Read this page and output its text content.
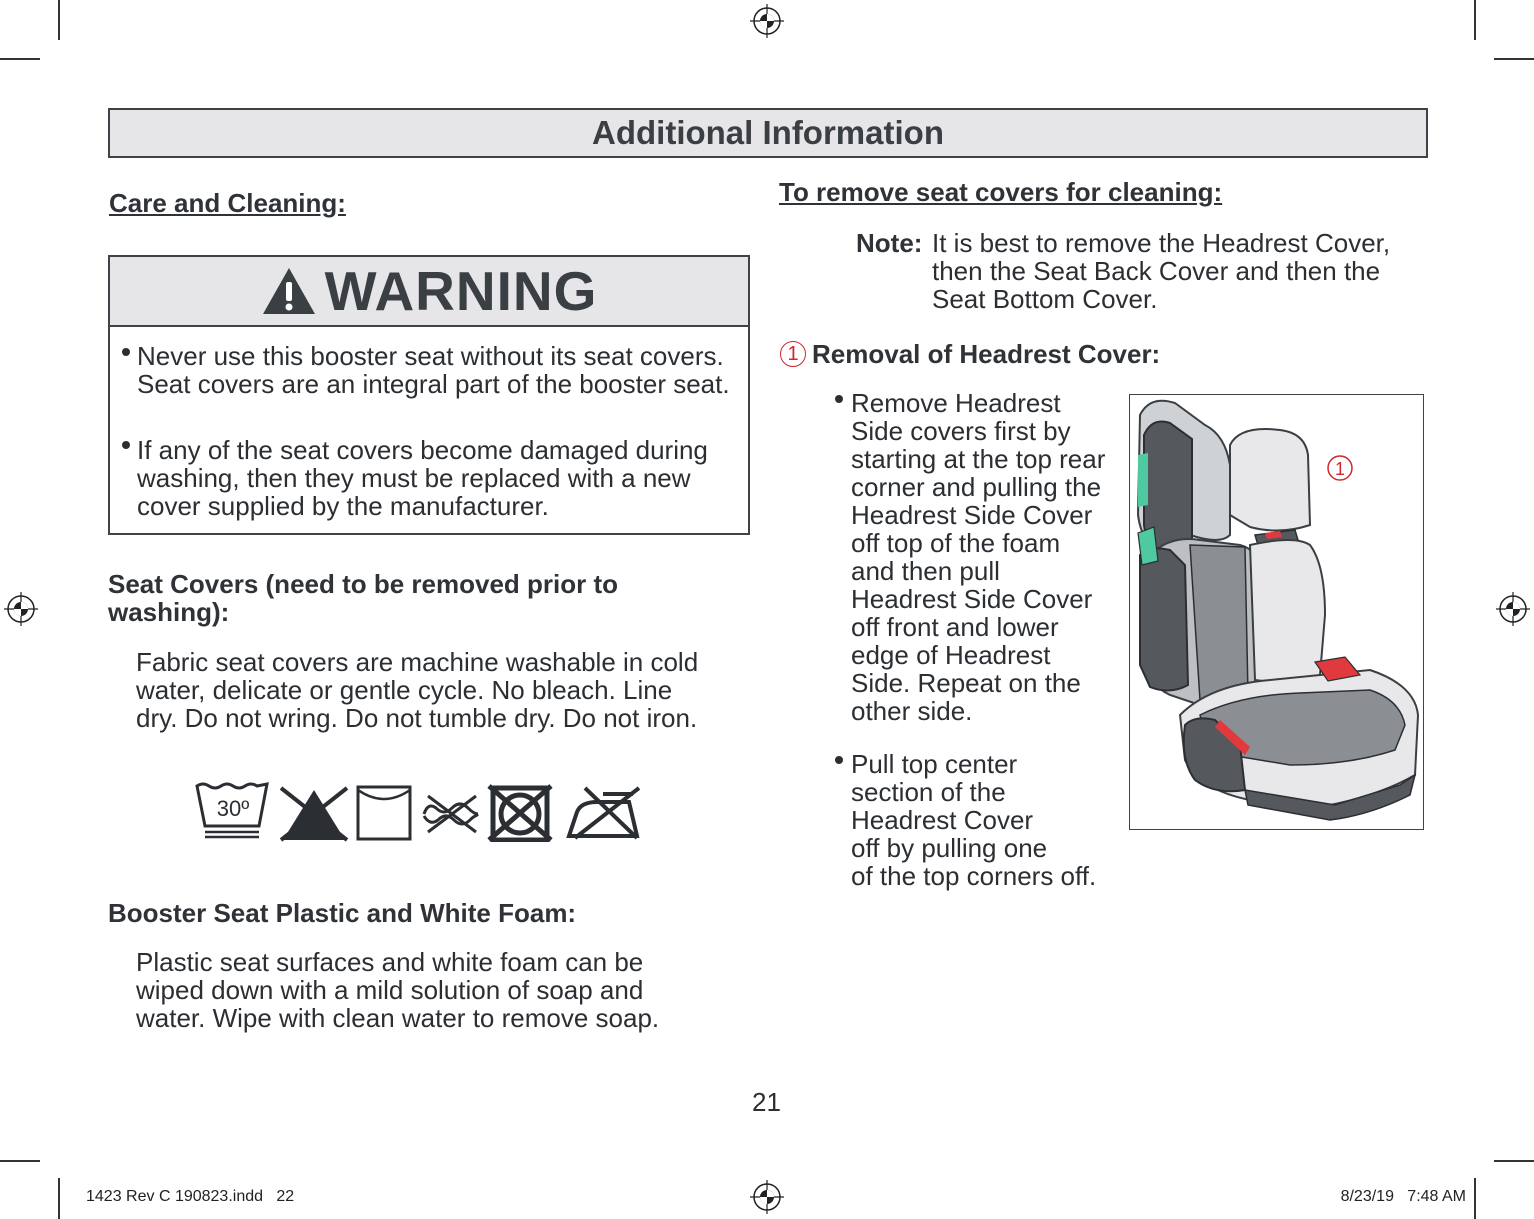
Additional Information
Care and Cleaning:
WARNING
Never use this booster seat without its seat covers. Seat covers are an integral part of the booster seat.
If any of the seat covers become damaged during washing, then they must be replaced with a new cover supplied by the manufacturer.
Seat Covers (need to be removed prior to
washing):
Fabric seat covers are machine washable in cold
water, delicate or gentle cycle. No bleach. Line
dry. Do not wring. Do not tumble dry. Do not iron.
30º
Booster Seat Plastic and White Foam:
Plastic seat surfaces and white foam can be
wiped down with a mild solution of soap and
water. Wipe with clean water to remove soap.
To remove seat covers for cleaning:
Note: It is best to remove the Headrest Cover,
then the Seat Back Cover and then the
Seat Bottom Cover.
1 Removal of Headrest Cover:
Remove Headrest
Side covers first by
starting at the top rear
corner and pulling the
Headrest Side Cover
off top of the foam
and then pull
Headrest Side Cover
off front and lower
edge of Headrest
Side. Repeat on the
other side.
Pull top center
section of the
Headrest Cover
off by pulling one
of the top corners off.
1
21
1423 Rev C 190823.indd   22	8/23/19   7:48 AM
